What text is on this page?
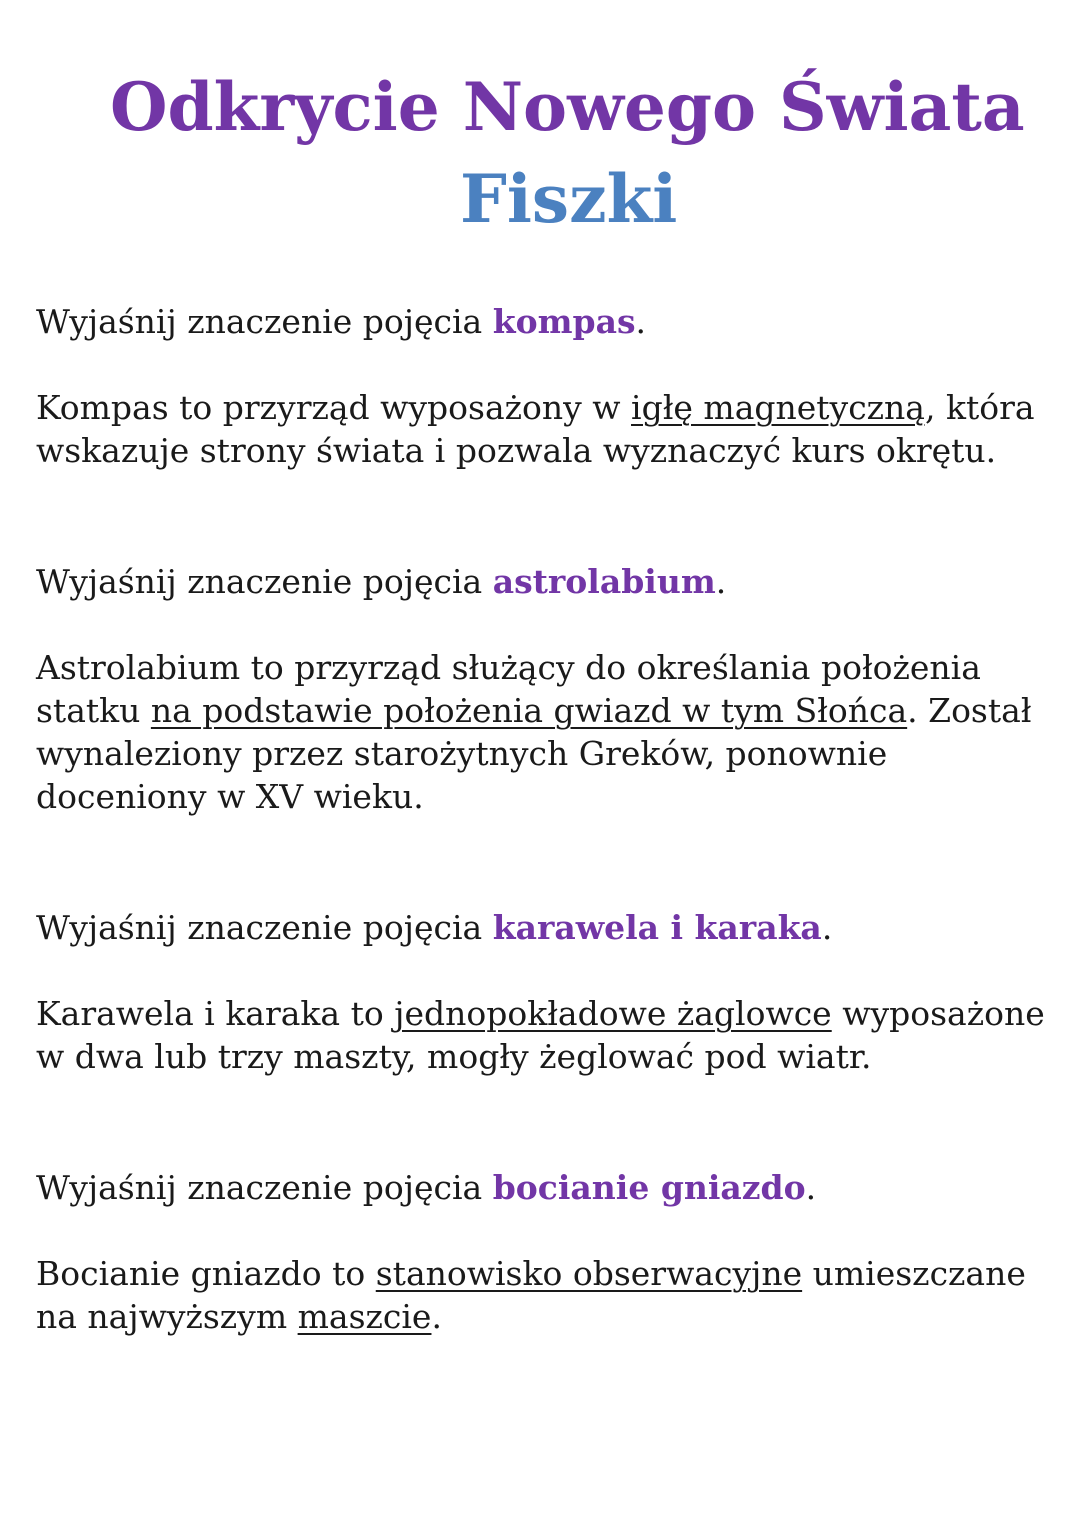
Odkrycie Nowego Świata
Fiszki

Wyjaśnij znaczenie pojęcia kompas.

Kompas to przyrząd wyposażony w igłę magnetyczną, która wskazuje strony świata i pozwala wyznaczyć kurs okrętu.

Wyjaśnij znaczenie pojęcia astrolabium.

Astrolabium to przyrząd służący do określania położenia statku na podstawie położenia gwiazd w tym Słońca. Został wynaleziony przez starożytnych Greków, ponownie doceniony w XV wieku.

Wyjaśnij znaczenie pojęcia karawela i karaka.

Karawela i karaka to jednopokładowe żaglowce wyposażone w dwa lub trzy maszty, mogły żeglować pod wiatr.

Wyjaśnij znaczenie pojęcia bocianie gniazdo.

Bocianie gniazdo to stanowisko obserwacyjne umieszczane na najwyższym maszcie.
